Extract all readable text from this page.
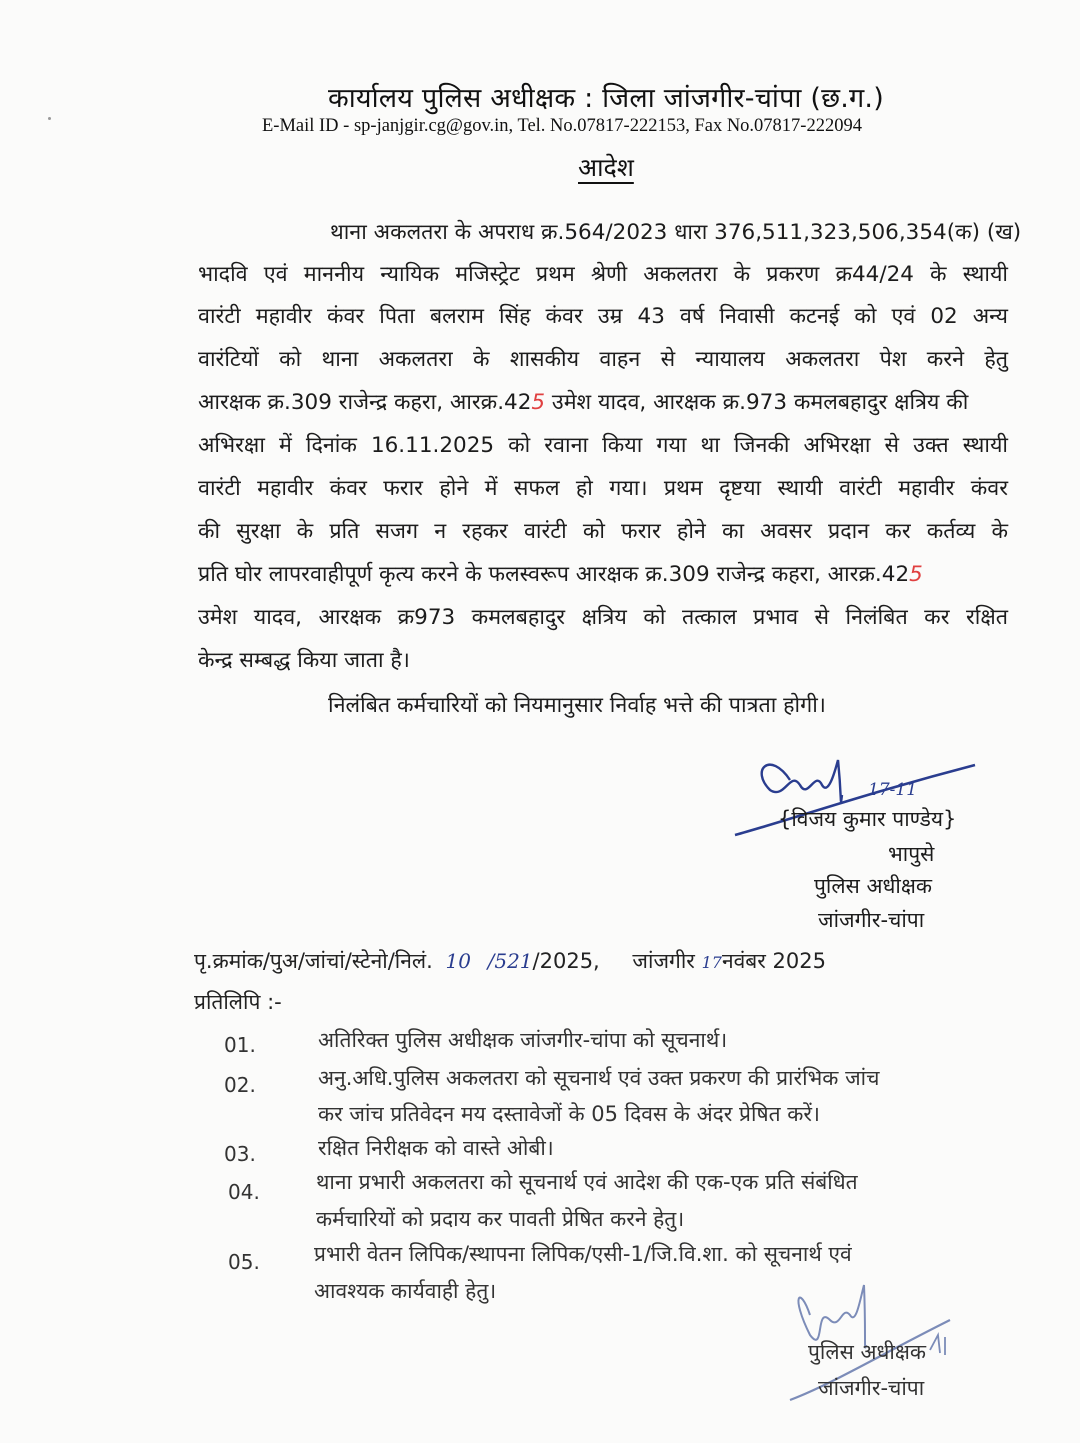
कार्यालय पुलिस अधीक्षक : जिला जांजगीर-चांपा (छ.ग.)
E-Mail ID - sp-janjgir.cg@gov.in, Tel. No.07817-222153, Fax No.07817-222094
आदेश
थाना अकलतरा के अपराध क्र.564/2023 धारा 376,511,323,506,354(क) (ख)
भादवि एवं माननीय न्यायिक मजिस्ट्रेट प्रथम श्रेणी अकलतरा के प्रकरण क्र44/24 के स्थायी
वारंटी महावीर कंवर पिता बलराम सिंह कंवर उम्र 43 वर्ष निवासी कटनई को एवं 02 अन्य
वारंटियों को थाना अकलतरा के शासकीय वाहन से न्यायालय अकलतरा पेश करने हेतु
आरक्षक क्र.309 राजेन्द्र कहरा, आरक्र.425 उमेश यादव, आरक्षक क्र.973 कमलबहादुर क्षत्रिय की
अभिरक्षा में दिनांक 16.11.2025 को रवाना किया गया था जिनकी अभिरक्षा से उक्त स्थायी
वारंटी महावीर कंवर फरार होने में सफल हो गया। प्रथम दृष्टया स्थायी वारंटी महावीर कंवर
की सुरक्षा के प्रति सजग न रहकर वारंटी को फरार होने का अवसर प्रदान कर कर्तव्य के
प्रति घोर लापरवाहीपूर्ण कृत्य करने के फलस्वरूप आरक्षक क्र.309 राजेन्द्र कहरा, आरक्र.425
उमेश यादव, आरक्षक क्र973 कमलबहादुर क्षत्रिय को तत्काल प्रभाव से निलंबित कर रक्षित
केन्द्र सम्बद्ध किया जाता है।
निलंबित कर्मचारियों को नियमानुसार निर्वाह भत्ते की पात्रता होगी।
17-11
{विजय कुमार पाण्डेय}
भापुसे
पुलिस अधीक्षक
जांजगीर-चांपा
पृ.क्रमांक/पुअ/जांचां/स्टेनो/निलं. 10 /521/2025, जांजगीर 17नवंबर 2025
प्रतिलिपि :-
01.	अतिरिक्त पुलिस अधीक्षक जांजगीर-चांपा को सूचनार्थ।
02.	अनु.अधि.पुलिस अकलतरा को सूचनार्थ एवं उक्त प्रकरण की प्रारंभिक जांच
कर जांच प्रतिवेदन मय दस्तावेजों के 05 दिवस के अंदर प्रेषित करें।
03.	रक्षित निरीक्षक को वास्ते ओबी।
04.	थाना प्रभारी अकलतरा को सूचनार्थ एवं आदेश की एक-एक प्रति संबंधित
कर्मचारियों को प्रदाय कर पावती प्रेषित करने हेतु।
05.	प्रभारी वेतन लिपिक/स्थापना लिपिक/एसी-1/जि.वि.शा. को सूचनार्थ एवं
आवश्यक कार्यवाही हेतु।
पुलिस अधीक्षक
जांजगीर-चांपा
